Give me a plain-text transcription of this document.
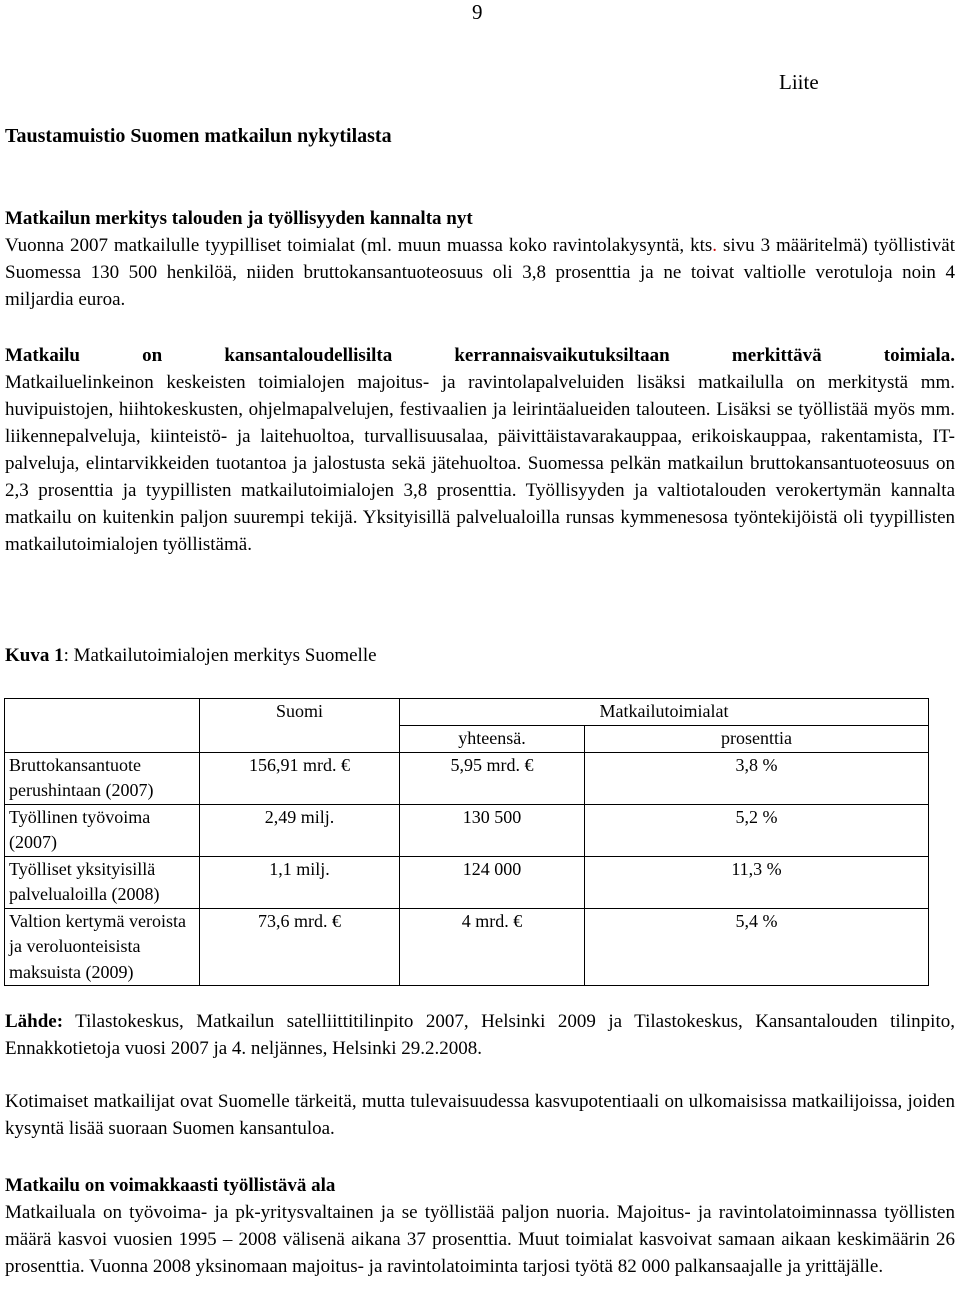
9
Liite
Taustamuistio Suomen matkailun nykytilasta
Matkailun merkitys talouden ja työllisyyden kannalta nyt
Vuonna 2007 matkailulle tyypilliset toimialat (ml. muun muassa koko ravintolakysyntä, kts. sivu 3 määritelmä) työllistivät Suomessa 130 500 henkilöä, niiden bruttokansantuoteosuus oli 3,8 prosenttia ja ne toivat valtiolle verotuloja noin 4 miljardia euroa.
Matkailu on kansantaloudellisilta kerrannaisvaikutuksiltaan merkittävä toimiala.
Matkailuelinkeinon keskeisten toimialojen majoitus- ja ravintolapalveluiden lisäksi matkailulla on merkitystä mm. huvipuistojen, hiihtokeskusten, ohjelmapalvelujen, festivaalien ja leirintäalueiden talouteen. Lisäksi se työllistää myös mm. liikennepalveluja, kiinteistö- ja laitehuoltoa, turvallisuusalaa, päivittäistavarakauppaa, erikoiskauppaa, rakentamista, IT-palveluja, elintarvikkeiden tuotantoa ja jalostusta sekä jätehuoltoa. Suomessa pelkän matkailun bruttokansantuoteosuus on 2,3 prosenttia ja tyypillisten matkailutoimialojen 3,8 prosenttia. Työllisyyden ja valtiotalouden verokertymän kannalta matkailu on kuitenkin paljon suurempi tekijä. Yksityisillä palvelualoilla runsas kymmenesosa työntekijöistä oli tyypillisten matkailutoimialojen työllistämä.
Kuva 1: Matkailutoimialojen merkitys Suomelle
	Suomi	Matkailutoimialat	
		yhteensä.	prosenttia
Bruttokansantuote perushintaan (2007)	156,91 mrd. €	5,95 mrd. €	3,8 %
Työllinen työvoima (2007)	2,49 milj.	130 500	5,2 %
Työlliset yksityisillä palvelualoilla (2008)	1,1 milj.	124 000	11,3 %
Valtion kertymä veroista ja veroluonteisista maksuista (2009)	73,6 mrd. €	4 mrd. €	5,4 %
Lähde: Tilastokeskus, Matkailun satelliittitilinpito 2007, Helsinki 2009 ja Tilastokeskus, Kansantalouden tilinpito, Ennakkotietoja vuosi 2007 ja 4. neljännes, Helsinki 29.2.2008.
Kotimaiset matkailijat ovat Suomelle tärkeitä, mutta tulevaisuudessa kasvupotentiaali on ulkomaisissa matkailijoissa, joiden kysyntä lisää suoraan Suomen kansantuloa.
Matkailu on voimakkaasti työllistävä ala
Matkailuala on työvoima- ja pk-yritysvaltainen ja se työllistää paljon nuoria. Majoitus- ja ravintolatoiminnassa työllisten määrä kasvoi vuosien 1995 – 2008 välisenä aikana 37 prosenttia. Muut toimialat kasvoivat samaan aikaan keskimäärin 26 prosenttia. Vuonna 2008 yksinomaan majoitus- ja ravintolatoiminta tarjosi työtä 82 000 palkansaajalle ja yrittäjälle.
